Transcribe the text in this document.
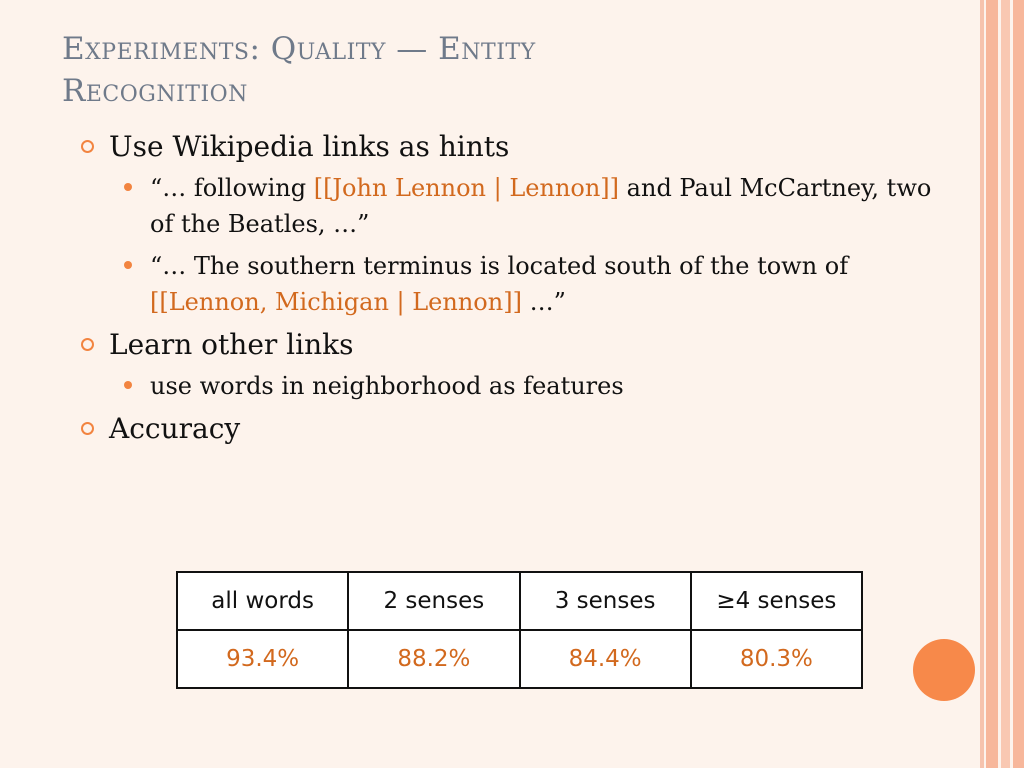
Experiments: Quality — Entity
Recognition
Use Wikipedia links as hints
“… following [[John Lennon | Lennon]] and Paul McCartney, two of the Beatles, …”
“… The southern terminus is located south of the town of [[Lennon, Michigan | Lennon]] …”
Learn other links
use words in neighborhood as features
Accuracy
all words	2 senses	3 senses	≥4 senses
93.4%	88.2%	84.4%	80.3%
